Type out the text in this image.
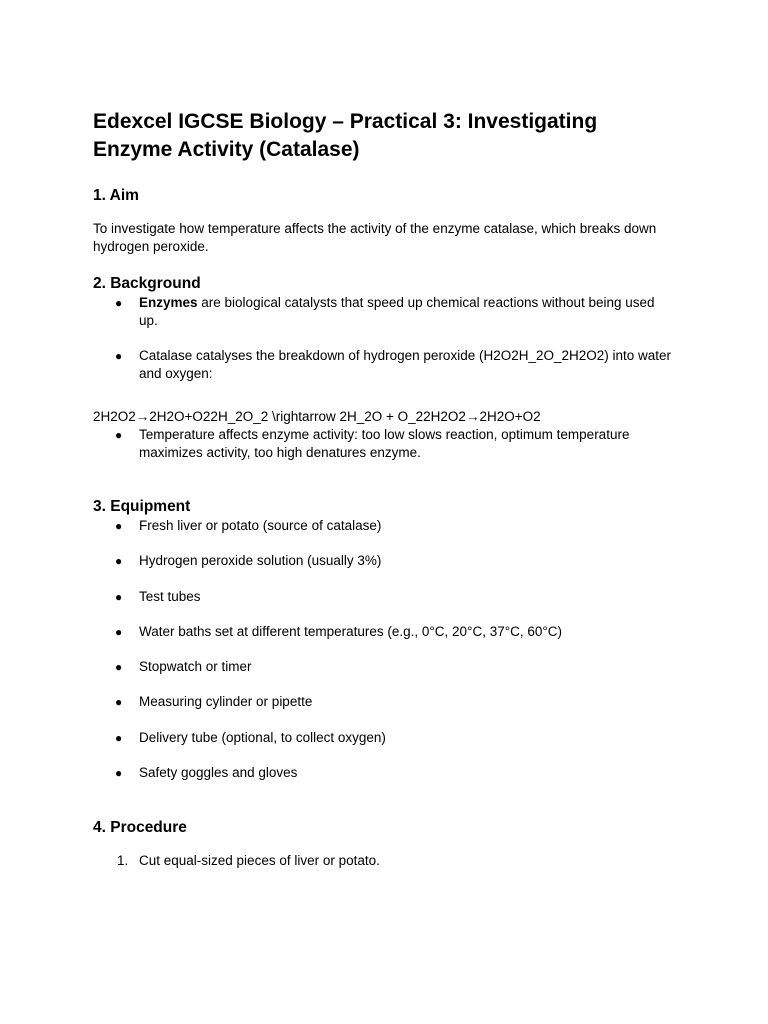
Edexcel IGCSE Biology – Practical 3: Investigating Enzyme Activity (Catalase)
1. Aim

To investigate how temperature affects the activity of the enzyme catalase, which breaks down hydrogen peroxide.

2. Background
● Enzymes are biological catalysts that speed up chemical reactions without being used up.
● Catalase catalyses the breakdown of hydrogen peroxide (H2O2H_2O_2H2O2) into water and oxygen:

2H2O2→2H2O+O22H_2O_2 \rightarrow 2H_2O + O_22H2O2→2H2O+O2

● Temperature affects enzyme activity: too low slows reaction, optimum temperature maximizes activity, too high denatures enzyme.
3. Equipment
● Fresh liver or potato (source of catalase)
● Hydrogen peroxide solution (usually 3%)
● Test tubes
● Water baths set at different temperatures (e.g., 0°C, 20°C, 37°C, 60°C)
● Stopwatch or timer
● Measuring cylinder or pipette
● Delivery tube (optional, to collect oxygen)
● Safety goggles and gloves
4. Procedure
1. Cut equal-sized pieces of liver or potato.
